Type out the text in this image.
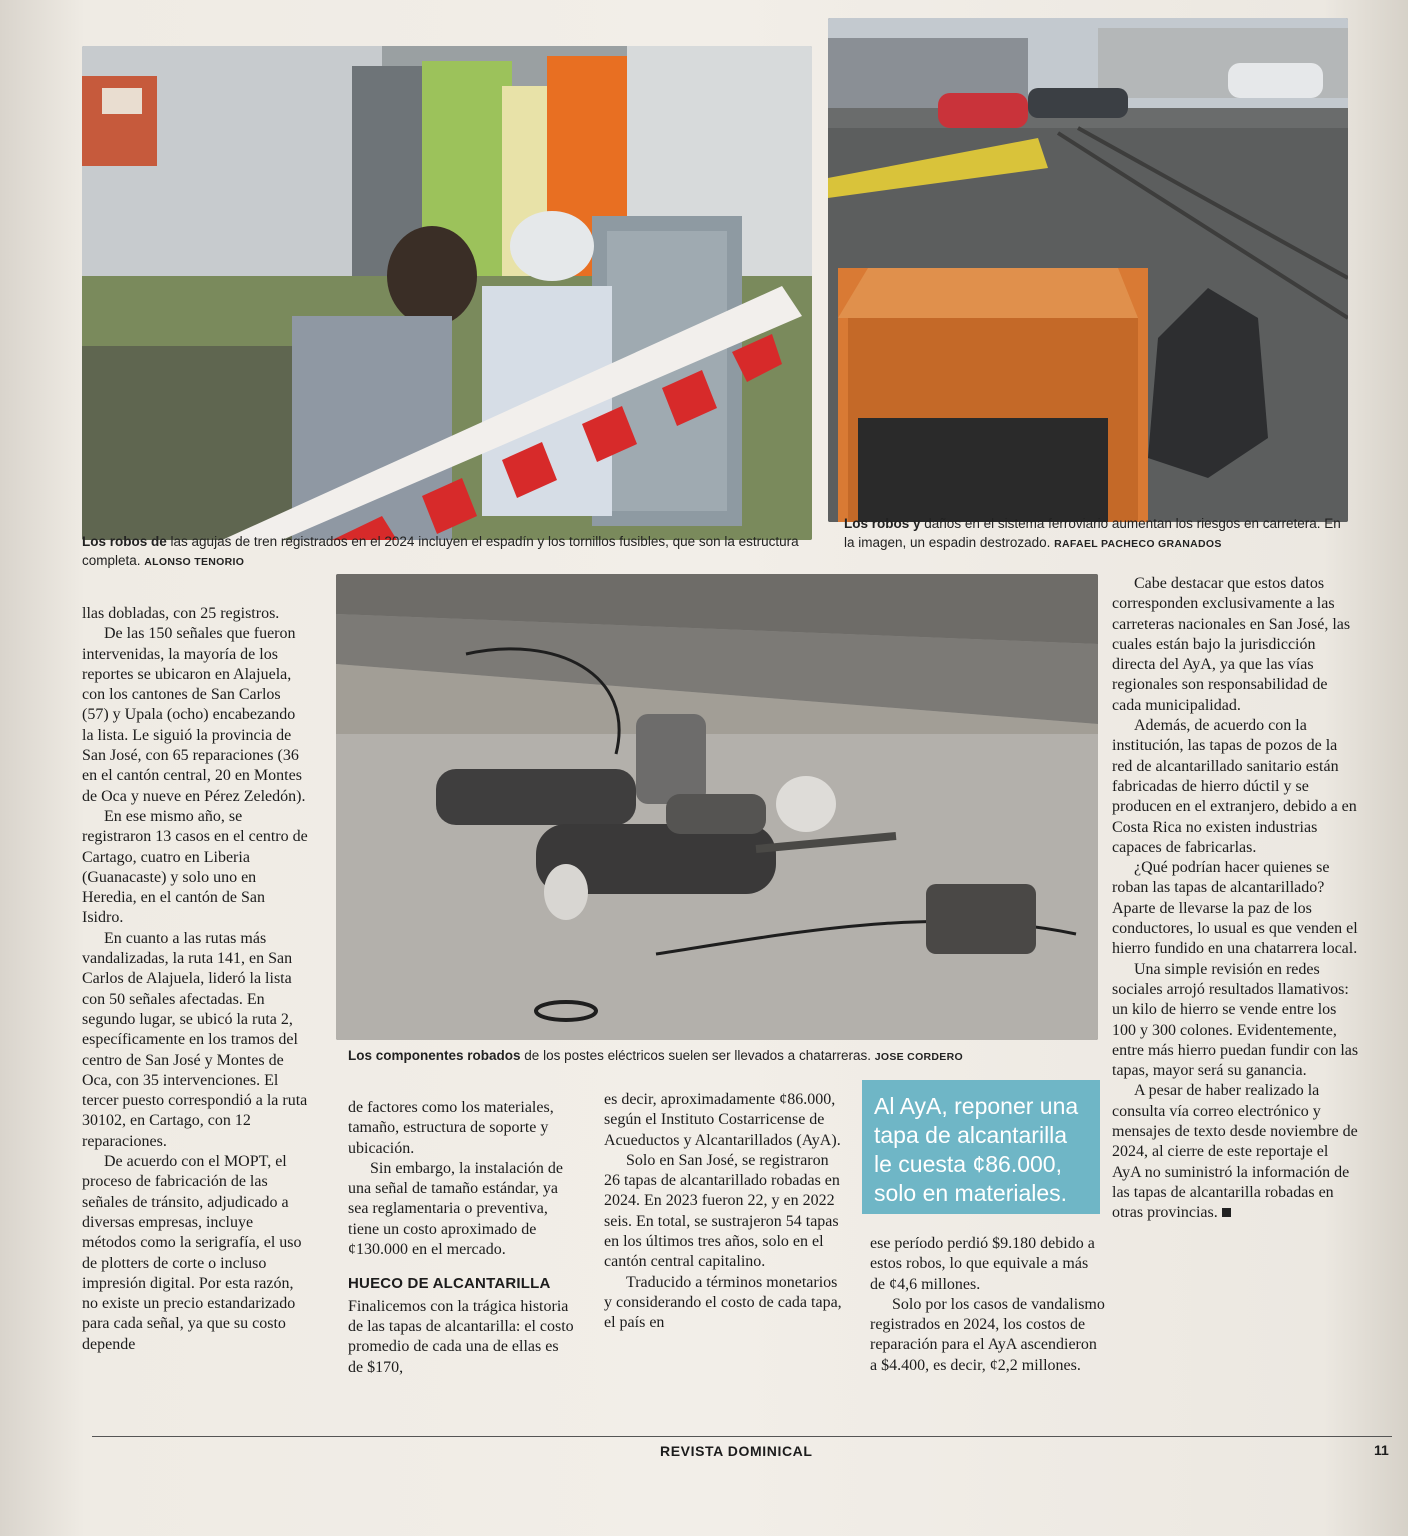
Los robos de las agujas de tren registrados en el 2024 incluyen el espadín y los tornillos fusibles, que son la estructura completa. ALONSO TENORIO
Los robos y daños en el sistema ferroviario aumentan los riesgos en carretera. En la imagen, un espadin destrozado. RAFAEL PACHECO GRANADOS
Los componentes robados de los postes eléctricos suelen ser llevados a chatarreras. JOSE CORDERO

llas dobladas, con 25 registros.

De las 150 señales que fueron intervenidas, la mayoría de los reportes se ubicaron en Alajuela, con los cantones de San Carlos (57) y Upala (ocho) encabezando la lista. Le siguió la provincia de San José, con 65 reparaciones (36 en el cantón central, 20 en Montes de Oca y nueve en Pérez Zeledón).

En ese mismo año, se registraron 13 casos en el centro de Cartago, cuatro en Liberia (Guanacaste) y solo uno en Heredia, en el cantón de San Isidro.

En cuanto a las rutas más vandalizadas, la ruta 141, en San Carlos de Alajuela, lideró la lista con 50 señales afectadas. En segundo lugar, se ubicó la ruta 2, específicamente en los tramos del centro de San José y Montes de Oca, con 35 intervenciones. El tercer puesto correspondió a la ruta 30102, en Cartago, con 12 reparaciones.

De acuerdo con el MOPT, el proceso de fabricación de las señales de tránsito, adjudicado a diversas empresas, incluye métodos como la serigrafía, el uso de plotters de corte o incluso impresión digital. Por esta razón, no existe un precio estandarizado para cada señal, ya que su costo depende

de factores como los materiales, tamaño, estructura de soporte y ubicación.

Sin embargo, la instalación de una señal de tamaño estándar, ya sea reglamentaria o preventiva, tiene un costo aproximado de ¢130.000 en el mercado.

HUECO DE ALCANTARILLA

Finalicemos con la trágica historia de las tapas de alcantarilla: el costo promedio de cada una de ellas es de $170,

es decir, aproximadamente ¢86.000, según el Instituto Costarricense de Acueductos y Alcantarillados (AyA).

Solo en San José, se registraron 26 tapas de alcantarillado robadas en 2024. En 2023 fueron 22, y en 2022 seis. En total, se sustrajeron 54 tapas en los últimos tres años, solo en el cantón central capitalino.

Traducido a términos monetarios y considerando el costo de cada tapa, el país en

Al AyA, reponer una tapa de alcantarilla le cuesta ¢86.000, solo en materiales.

ese período perdió $9.180 debido a estos robos, lo que equivale a más de ¢4,6 millones.

Solo por los casos de vandalismo registrados en 2024, los costos de reparación para el AyA ascendieron a $4.400, es decir, ¢2,2 millones.

Cabe destacar que estos datos corresponden exclusivamente a las carreteras nacionales en San José, las cuales están bajo la jurisdicción directa del AyA, ya que las vías regionales son responsabilidad de cada municipalidad.

Además, de acuerdo con la institución, las tapas de pozos de la red de alcantarillado sanitario están fabricadas de hierro dúctil y se producen en el extranjero, debido a en Costa Rica no existen industrias capaces de fabricarlas.

¿Qué podrían hacer quienes se roban las tapas de alcantarillado? Aparte de llevarse la paz de los conductores, lo usual es que venden el hierro fundido en una chatarrera local.

Una simple revisión en redes sociales arrojó resultados llamativos: un kilo de hierro se vende entre los 100 y 300 colones. Evidentemente, entre más hierro puedan fundir con las tapas, mayor será su ganancia.

A pesar de haber realizado la consulta vía correo electrónico y mensajes de texto desde noviembre de 2024, al cierre de este reportaje el AyA no suministró la información de las tapas de alcantarilla robadas en otras provincias.

REVISTA DOMINICAL	11
